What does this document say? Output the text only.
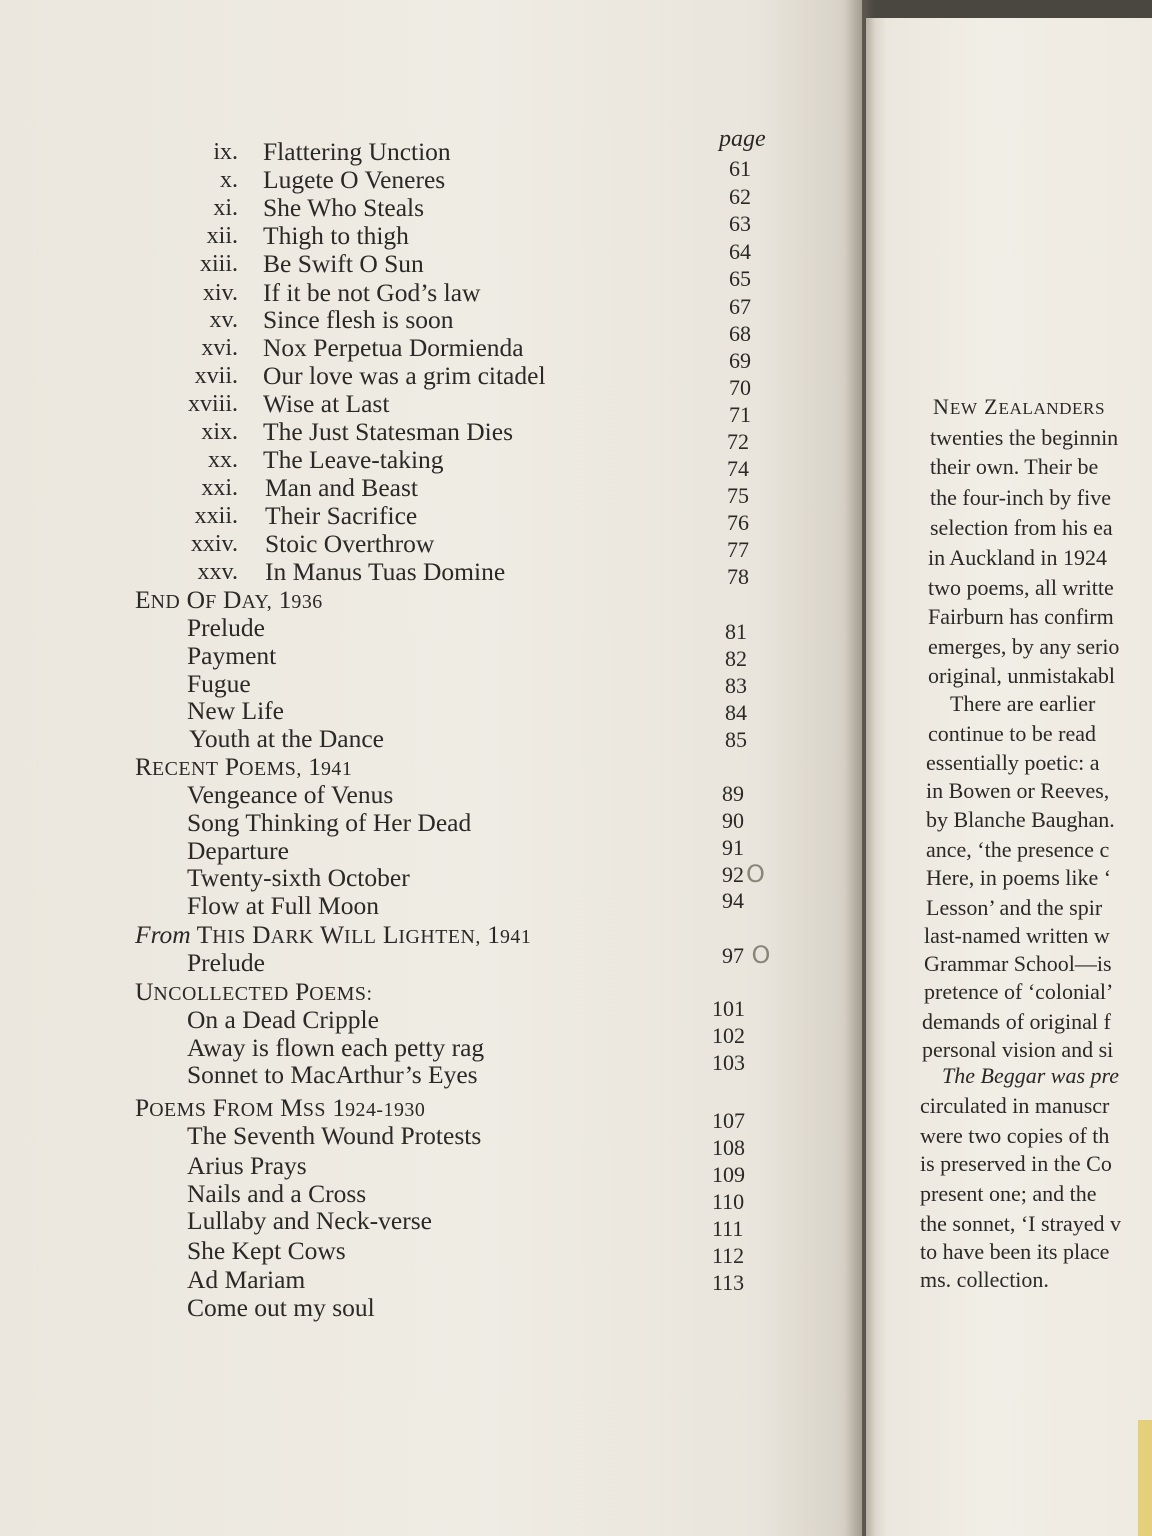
page
ix. Flattering Unction
x. Lugete O Veneres
xi. She Who Steals
xii. Thigh to thigh
xiii. Be Swift O Sun
xiv. If it be not God’s law
xv. Since flesh is soon
xvi. Nox Perpetua Dormienda
xvii. Our love was a grim citadel
xviii. Wise at Last
xix. The Just Statesman Dies
xx. The Leave-taking
xxi. Man and Beast
xxii. Their Sacrifice
xxiv. Stoic Overthrow
xxv. In Manus Tuas Domine
61
62
63
64
65
67
68
69
70
71
72
74
75
76
77
78
END OF DAY, 1936
Prelude
Payment
Fugue
New Life
Youth at the Dance
81
82
83
84
85
RECENT POEMS, 1941
Vengeance of Venus
Song Thinking of Her Dead
Departure
Twenty-sixth October
Flow at Full Moon
89
90
91
92O
94
From THIS DARK WILL LIGHTEN, 1941
Prelude	97 O
UNCOLLECTED POEMS:
On a Dead Cripple
Away is flown each petty rag
Sonnet to MacArthur’s Eyes
101
102
103
POEMS FROM MSS 1924-1930
The Seventh Wound Protests
Arius Prays
Nails and a Cross
Lullaby and Neck-verse
She Kept Cows
Ad Mariam
Come out my soul
107
108
109
110
111
112
113
NEW ZEALANDERS
twenties the beginnin
their own. Their be
the four-inch by five
selection from his ea
in Auckland in 1924
two poems, all writte
Fairburn has confirm
emerges, by any serio
original, unmistakabl
There are earlier
continue to be read
essentially poetic: a
in Bowen or Reeves,
by Blanche Baughan.
ance, ‘the presence c
Here, in poems like ‘
Lesson’ and the spir
last-named written w
Grammar School—is
pretence of ‘colonial’
demands of original f
personal vision and si
The Beggar was pre
circulated in manuscr
were two copies of th
is preserved in the Co
present one; and the
the sonnet, ‘I strayed v
to have been its place
ms. collection.
